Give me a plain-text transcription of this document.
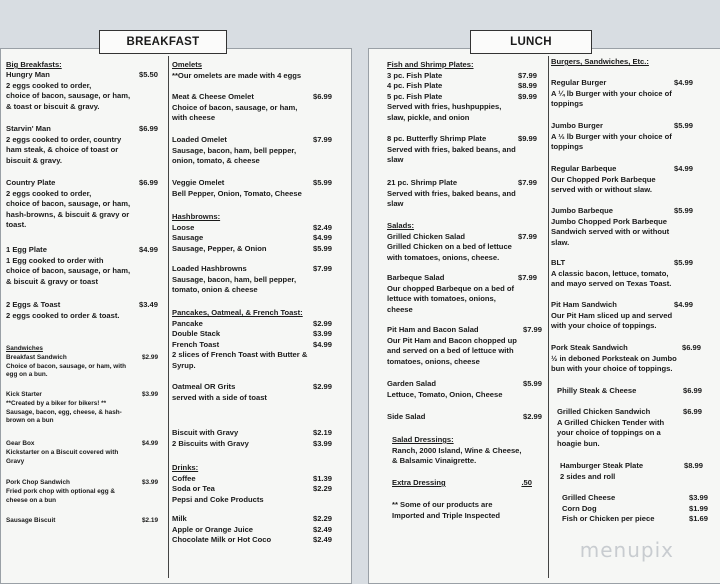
BREAKFAST	LUNCH
Big Breakfasts:
Hungry Man	$5.50
2 eggs cooked to order,
choice of bacon, sausage, or ham,
& toast or biscuit & gravy.
Starvin' Man	$6.99
2 eggs cooked to order, country
ham steak, & choice of toast or
biscuit & gravy.
Country Plate	$6.99
2 eggs cooked to order,
choice of bacon, sausage, or ham,
hash-browns, & biscuit & gravy or
toast.
1 Egg Plate	$4.99
1 Egg cooked to order with
choice of bacon, sausage, or ham,
& biscuit & gravy or toast
2 Eggs & Toast	$3.49
2 eggs cooked to order & toast.
Sandwiches
Breakfast Sandwich	$2.99
Choice of bacon, sausage, or ham, with
egg on a bun.
Kick Starter	$3.99
**Created by a biker for bikers! **
Sausage, bacon, egg, cheese, & hash-
brown on a bun
Gear Box	$4.99
Kickstarter on a Biscuit covered with
Gravy
Pork Chop Sandwich	$3.99
Fried pork chop with optional egg &
cheese on a bun
Sausage Biscuit	$2.19
Omelets
**Our omelets are made with 4 eggs
Meat & Cheese Omelet	$6.99
Choice of bacon, sausage, or ham,
with cheese
Loaded Omelet	$7.99
Sausage, bacon, ham, bell pepper,
onion, tomato, & cheese
Veggie Omelet	$5.99
Bell Pepper, Onion, Tomato, Cheese
Hashbrowns:
Loose	$2.49
Sausage	$4.99
Sausage, Pepper, & Onion	$5.99
Loaded Hashbrowns	$7.99
Sausage, bacon, ham, bell pepper,
tomato, onion & cheese
Pancakes, Oatmeal, & French Toast:
Pancake	$2.99
Double Stack	$3.99
French Toast	$4.99
2 slices of French Toast with Butter &
Syrup.
Oatmeal OR Grits	$2.99
served with a side of toast
Biscuit with Gravy	$2.19
2 Biscuits with Gravy	$3.99
Drinks:
Coffee	$1.39
Soda or Tea	$2.29
Pepsi and Coke Products
Milk	$2.29
Apple or Orange Juice	$2.49
Chocolate Milk or Hot Coco	$2.49
Fish and Shrimp Plates:
3 pc. Fish Plate	$7.99
4 pc. Fish Plate	$8.99
5 pc. Fish Plate	$9.99
Served with fries, hushpuppies,
slaw, pickle, and onion
8 pc. Butterfly Shrimp Plate	$9.99
Served with fries, baked beans, and
slaw
21 pc. Shrimp Plate	$7.99
Served with fries, baked beans, and
slaw
Salads:
Grilled Chicken Salad	$7.99
Grilled Chicken on a bed of lettuce
with tomatoes, onions, cheese.
Barbeque Salad	$7.99
Our chopped Barbeque on a bed of
lettuce with tomatoes, onions,
cheese
Pit Ham and Bacon Salad	$7.99
Our Pit Ham and Bacon chopped up
and served on a bed of lettuce with
tomatoes, onions, cheese
Garden Salad	$5.99
Lettuce, Tomato, Onion, Cheese
Side Salad	$2.99
Salad Dressings:
Ranch, 2000 Island, Wine & Cheese,
& Balsamic Vinaigrette.
Extra Dressing	.50
** Some of our products are
Imported and Triple Inspected
Burgers, Sandwiches, Etc.:
Regular Burger	$4.99
A ¼ lb Burger with your choice of
toppings
Jumbo Burger	$5.99
A ⅓ lb Burger with your choice of
toppings
Regular Barbeque	$4.99
Our Chopped Pork Barbeque
served with or without slaw.
Jumbo Barbeque	$5.99
Jumbo Chopped Pork Barbeque
Sandwich served with or without
slaw.
BLT	$5.99
A classic bacon, lettuce, tomato,
and mayo served on Texas Toast.
Pit Ham Sandwich	$4.99
Our Pit Ham sliced up and served
with your choice of toppings.
Pork Steak Sandwich	$6.99
½ in deboned Porksteak on Jumbo
bun with your choice of toppings.
Philly Steak & Cheese	$6.99
Grilled Chicken Sandwich	$6.99
A Grilled Chicken Tender with
your choice of toppings on a
hoagie bun.
Hamburger Steak Plate	$8.99
2 sides and roll
Grilled Cheese	$3.99
Corn Dog	$1.99
Fish or Chicken per piece	$1.69
menupix
